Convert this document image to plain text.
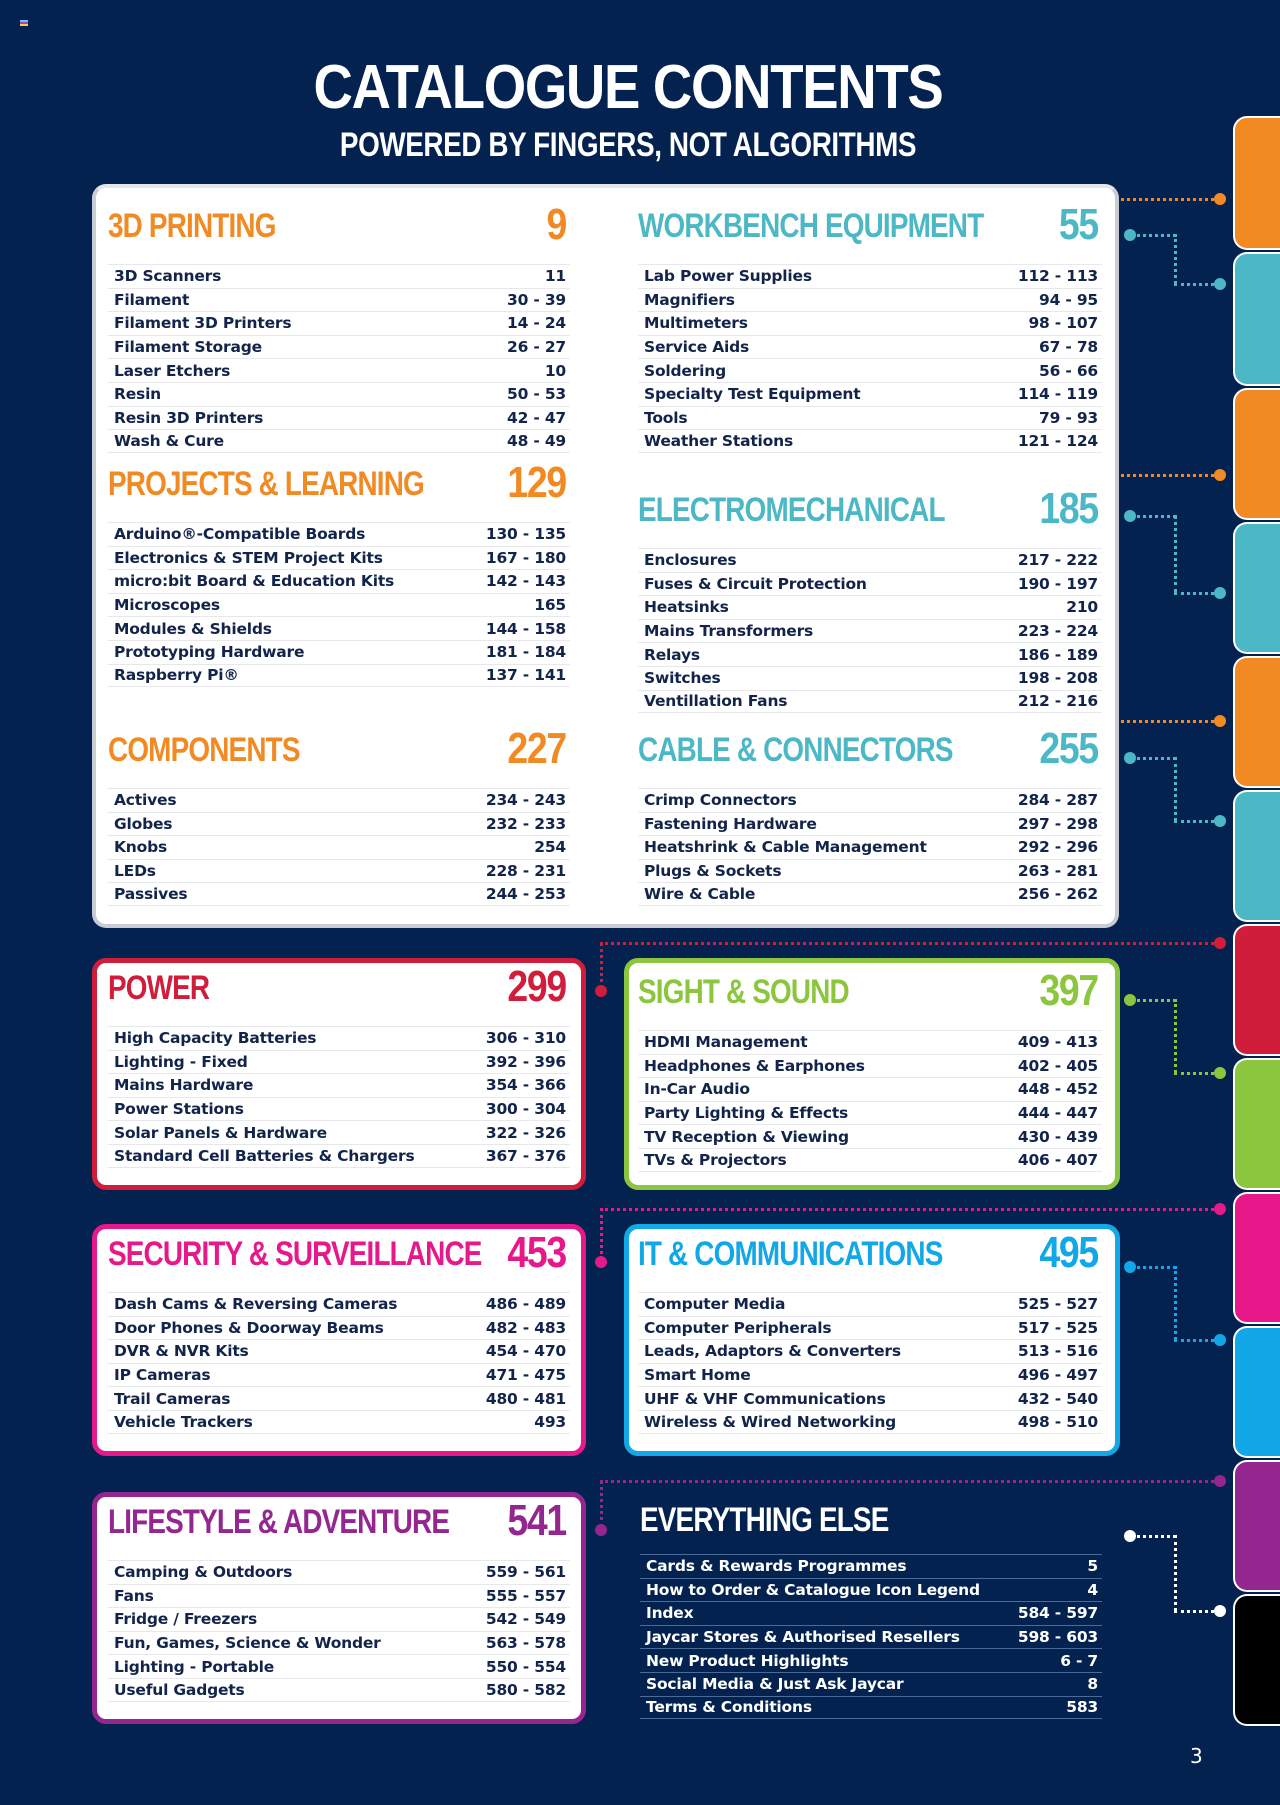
CATALOGUE CONTENTS
POWERED BY FINGERS, NOT ALGORITHMS
3D PRINTING	9
3D Scanners	11
Filament	30 - 39
Filament 3D Printers	14 - 24
Filament Storage	26 - 27
Laser Etchers	10
Resin	50 - 53
Resin 3D Printers	42 - 47
Wash & Cure	48 - 49
WORKBENCH EQUIPMENT 55
Lab Power Supplies	112 - 113
Magnifiers	94 - 95
Multimeters	98 - 107
Service Aids	67 - 78
Soldering	56 - 66
Specialty Test Equipment	114 - 119
Tools	79 - 93
Weather Stations	121 - 124
PROJECTS & LEARNING 129
Arduino®-Compatible Boards	130 - 135
Electronics & STEM Project Kits	167 - 180
micro:bit Board & Education Kits	142 - 143
Microscopes	165
Modules & Shields	144 - 158
Prototyping Hardware	181 - 184
Raspberry Pi®	137 - 141
ELECTROMECHANICAL 185
Enclosures	217 - 222
Fuses & Circuit Protection	190 - 197
Heatsinks	210
Mains Transformers	223 - 224
Relays	186 - 189
Switches	198 - 208
Ventillation Fans	212 - 216
COMPONENTS	227
Actives	234 - 243
Globes	232 - 233
Knobs	254
LEDs	228 - 231
Passives	244 - 253
CABLE & CONNECTORS 255
Crimp Connectors	284 - 287
Fastening Hardware	297 - 298
Heatshrink & Cable Management	292 - 296
Plugs & Sockets	263 - 281
Wire & Cable	256 - 262
POWER	299
High Capacity Batteries	306 - 310
Lighting - Fixed	392 - 396
Mains Hardware	354 - 366
Power Stations	300 - 304
Solar Panels & Hardware	322 - 326
Standard Cell Batteries & Chargers	367 - 376
SIGHT & SOUND	397
HDMI Management	409 - 413
Headphones & Earphones	402 - 405
In-Car Audio	448 - 452
Party Lighting & Effects	444 - 447
TV Reception & Viewing	430 - 439
TVs & Projectors	406 - 407
SECURITY & SURVEILLANCE 453
Dash Cams & Reversing Cameras	486 - 489
Door Phones & Doorway Beams	482 - 483
DVR & NVR Kits	454 - 470
IP Cameras	471 - 475
Trail Cameras	480 - 481
Vehicle Trackers	493
IT & COMMUNICATIONS 495
Computer Media	525 - 527
Computer Peripherals	517 - 525
Leads, Adaptors & Converters	513 - 516
Smart Home	496 - 497
UHF & VHF Communications	432 - 540
Wireless & Wired Networking	498 - 510
LIFESTYLE & ADVENTURE 541
Camping & Outdoors	559 - 561
Fans	555 - 557
Fridge / Freezers	542 - 549
Fun, Games, Science & Wonder	563 - 578
Lighting - Portable	550 - 554
Useful Gadgets	580 - 582
EVERYTHING ELSE
Cards & Rewards Programmes	5
How to Order & Catalogue Icon Legend	4
Index	584 - 597
Jaycar Stores & Authorised Resellers	598 - 603
New Product Highlights	6 - 7
Social Media & Just Ask Jaycar	8
Terms & Conditions	583
3
